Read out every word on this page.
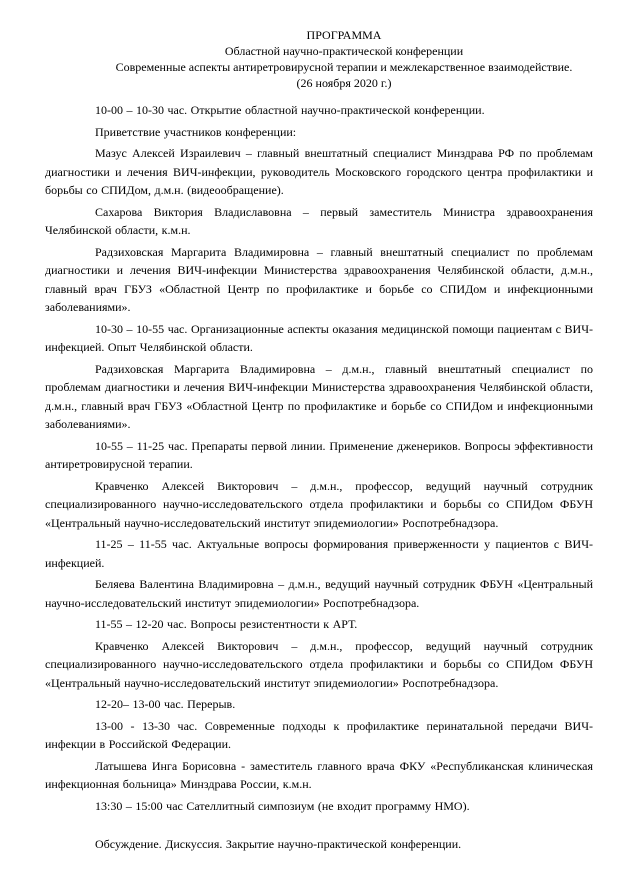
ПРОГРАММА

Областной научно-практической конференции

Современные аспекты антиретровирусной терапии и межлекарственное взаимодействие.

(26 ноября 2020 г.)

10-00 – 10-30 час. Открытие областной научно-практической конференции.

Приветствие участников конференции:

Мазус Алексей Израилевич – главный внештатный специалист Минздрава РФ по проблемам диагностики и лечения ВИЧ-инфекции, руководитель Московского городского центра профилактики и борьбы со СПИДом, д.м.н. (видеообращение).

Сахарова Виктория Владиславовна – первый заместитель Министра здравоохранения Челябинской области, к.м.н.

Радзиховская Маргарита Владимировна – главный внештатный специалист по проблемам диагностики и лечения ВИЧ-инфекции Министерства здравоохранения Челябинской области, д.м.н., главный врач ГБУЗ «Областной Центр по профилактике и борьбе со СПИДом и инфекционными заболеваниями».

10-30 – 10-55 час. Организационные аспекты оказания медицинской помощи пациентам с ВИЧ-инфекцией. Опыт Челябинской области.

Радзиховская Маргарита Владимировна – д.м.н., главный внештатный специалист по проблемам диагностики и лечения ВИЧ-инфекции Министерства здравоохранения Челябинской области, д.м.н., главный врач ГБУЗ «Областной Центр по профилактике и борьбе со СПИДом и инфекционными заболеваниями».

10-55 – 11-25 час. Препараты первой линии. Применение дженериков. Вопросы эффективности антиретровирусной терапии.

Кравченко Алексей Викторович – д.м.н., профессор, ведущий научный сотрудник специализированного научно-исследовательского отдела профилактики и борьбы со СПИДом ФБУН «Центральный научно-исследовательский институт эпидемиологии» Роспотребнадзора.

11-25 – 11-55 час. Актуальные вопросы формирования приверженности у пациентов с ВИЧ-инфекцией.

Беляева Валентина Владимировна – д.м.н., ведущий научный сотрудник ФБУН «Центральный научно-исследовательский институт эпидемиологии» Роспотребнадзора.

11-55 – 12-20 час. Вопросы резистентности к АРТ.

Кравченко Алексей Викторович – д.м.н., профессор, ведущий научный сотрудник специализированного научно-исследовательского отдела профилактики и борьбы со СПИДом ФБУН «Центральный научно-исследовательский институт эпидемиологии» Роспотребнадзора.

12-20– 13-00 час. Перерыв.

13-00 - 13-30 час. Современные подходы к профилактике перинатальной передачи ВИЧ-инфекции в Российской Федерации.

Латышева Инга Борисовна - заместитель главного врача ФКУ «Республиканская клиническая инфекционная больница» Минздрава России, к.м.н.

13:30 – 15:00 час Сателлитный симпозиум (не входит программу НМО).

Обсуждение. Дискуссия. Закрытие научно-практической конференции.
